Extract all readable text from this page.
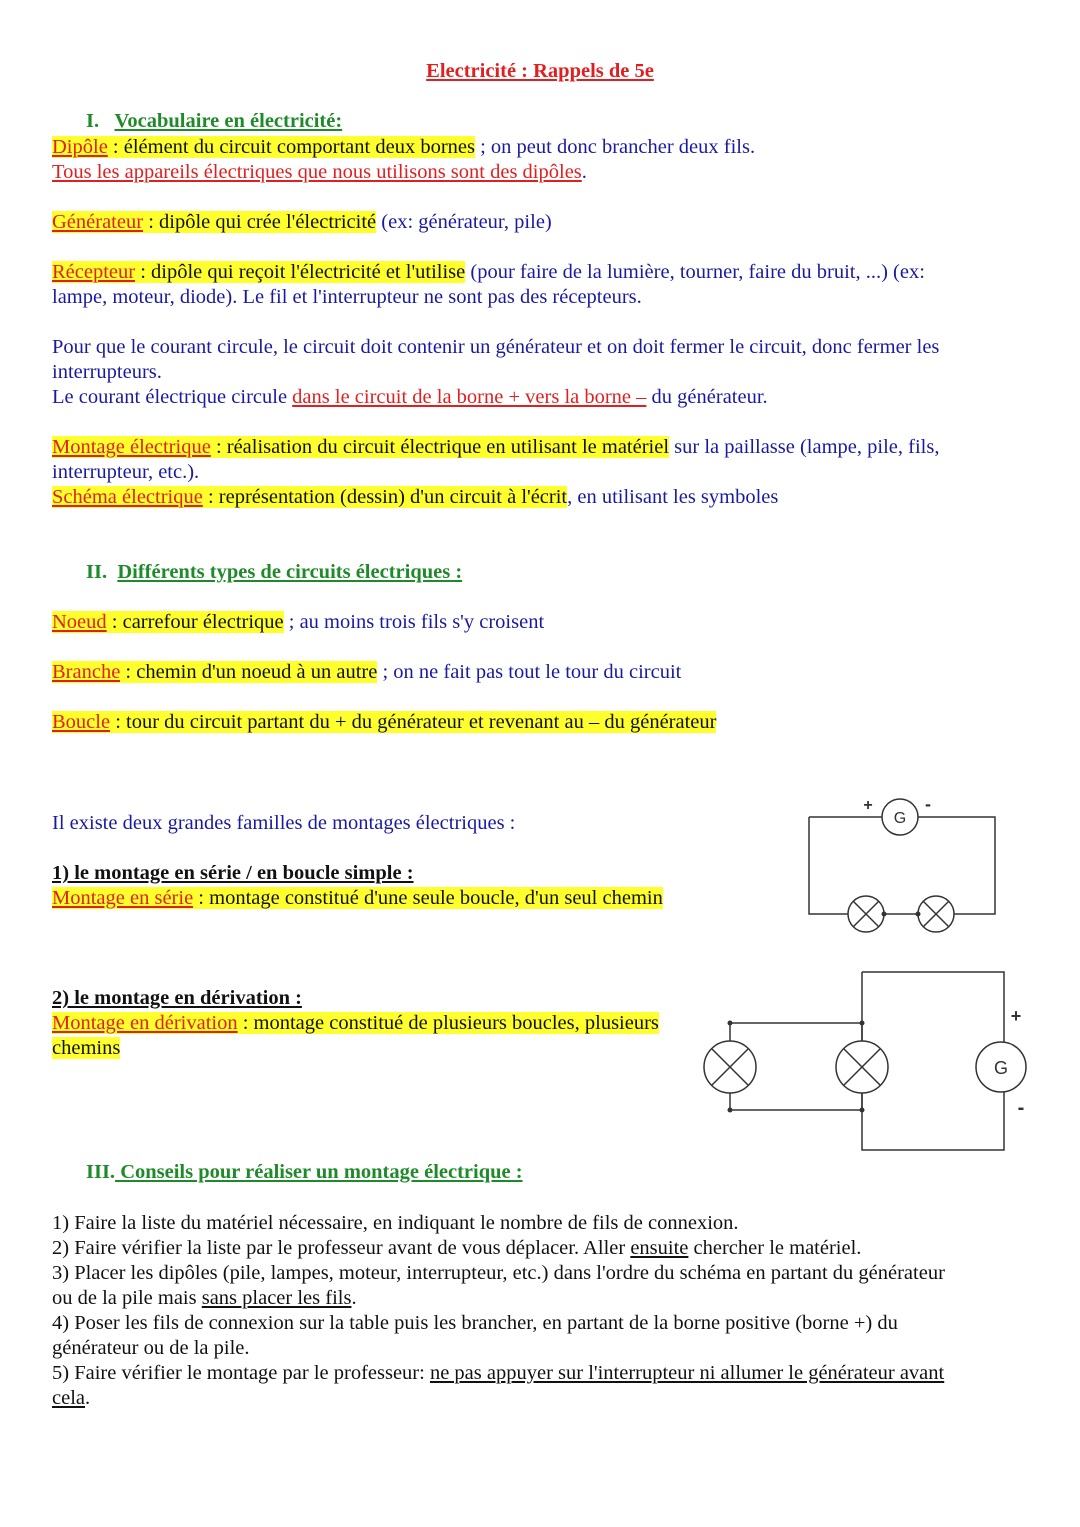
Electricité : Rappels de 5e
I. Vocabulaire en électricité:
Dipôle : élément du circuit comportant deux bornes ; on peut donc brancher deux fils.
Tous les appareils électriques que nous utilisons sont des dipôles.
Générateur : dipôle qui crée l'électricité (ex: générateur, pile)
Récepteur : dipôle qui reçoit l'électricité et l'utilise (pour faire de la lumière, tourner, faire du bruit, ...) (ex:
lampe, moteur, diode). Le fil et l'interrupteur ne sont pas des récepteurs.
Pour que le courant circule, le circuit doit contenir un générateur et on doit fermer le circuit, donc fermer les
interrupteurs.
Le courant électrique circule dans le circuit de la borne + vers la borne – du générateur.
Montage électrique : réalisation du circuit électrique en utilisant le matériel sur la paillasse (lampe, pile, fils,
interrupteur, etc.).
Schéma électrique : représentation (dessin) d'un circuit à l'écrit, en utilisant les symboles
II. Différents types de circuits électriques :
Noeud : carrefour électrique ; au moins trois fils s'y croisent
Branche : chemin d'un noeud à un autre ; on ne fait pas tout le tour du circuit
Boucle : tour du circuit partant du + du générateur et revenant au – du générateur
Il existe deux grandes familles de montages électriques :
1) le montage en série / en boucle simple :
Montage en série : montage constitué d'une seule boucle, d'un seul chemin
G
+	-
2) le montage en dérivation :
Montage en dérivation : montage constitué de plusieurs boucles, plusieurs
chemins
G
+
-
III. Conseils pour réaliser un montage électrique :
1) Faire la liste du matériel nécessaire, en indiquant le nombre de fils de connexion.
2) Faire vérifier la liste par le professeur avant de vous déplacer. Aller ensuite chercher le matériel.
3) Placer les dipôles (pile, lampes, moteur, interrupteur, etc.) dans l'ordre du schéma en partant du générateur
ou de la pile mais sans placer les fils.
4) Poser les fils de connexion sur la table puis les brancher, en partant de la borne positive (borne +) du
générateur ou de la pile.
5) Faire vérifier le montage par le professeur: ne pas appuyer sur l'interrupteur ni allumer le générateur avant
cela.
